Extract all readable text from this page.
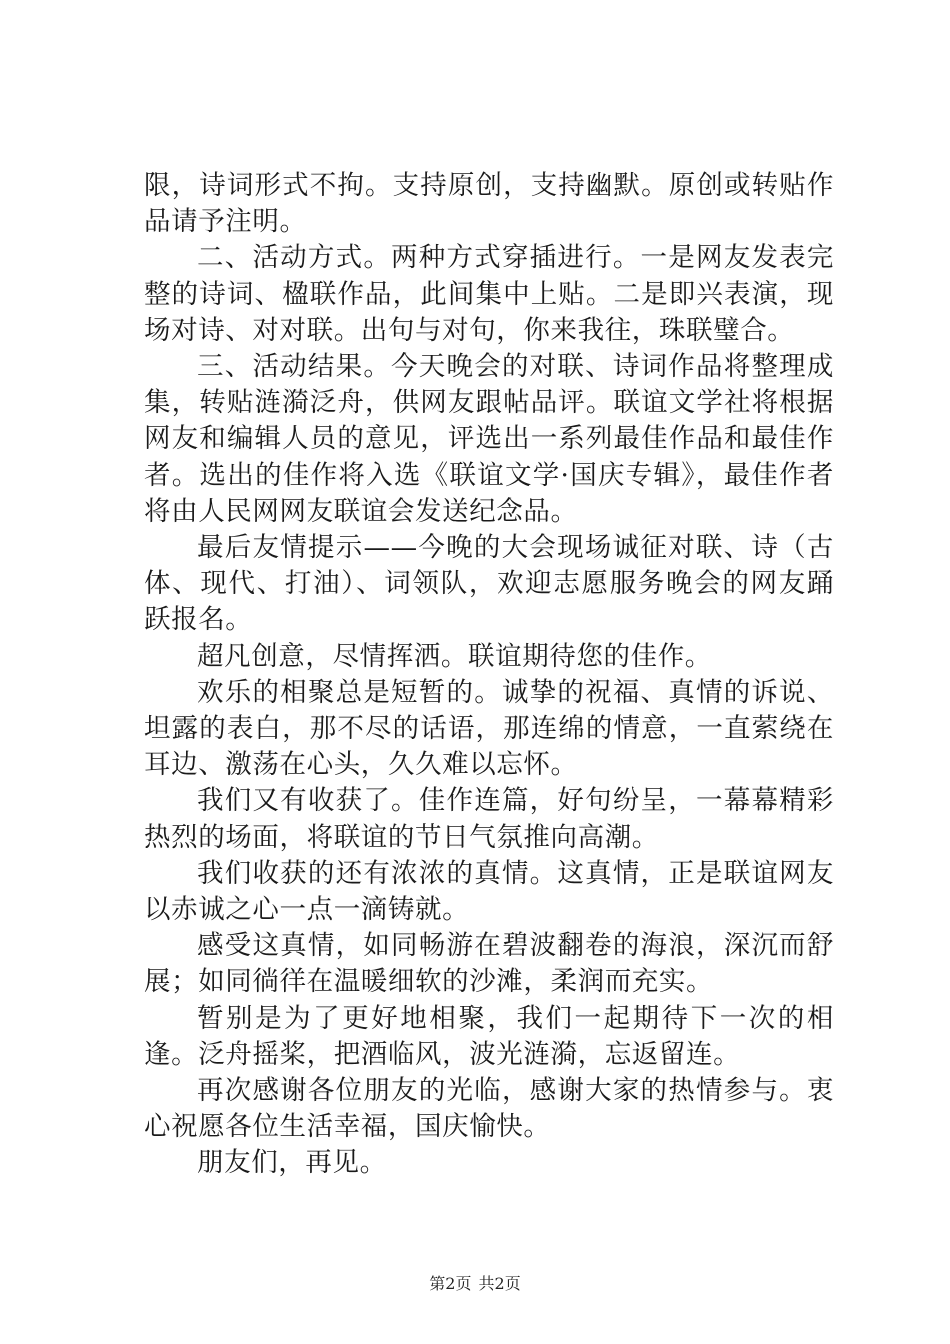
限，诗词形式不拘。支持原创，支持幽默。原创或转贴作品请予注明。

二、活动方式。两种方式穿插进行。一是网友发表完整的诗词、楹联作品，此间集中上贴。二是即兴表演，现场对诗、对对联。出句与对句，你来我往，珠联璧合。

三、活动结果。今天晚会的对联、诗词作品将整理成集，转贴涟漪泛舟，供网友跟帖品评。联谊文学社将根据网友和编辑人员的意见，评选出一系列最佳作品和最佳作者。选出的佳作将入选《联谊文学·国庆专辑》，最佳作者将由人民网网友联谊会发送纪念品。

最后友情提示——今晚的大会现场诚征对联、诗（古体、现代、打油）、词领队，欢迎志愿服务晚会的网友踊跃报名。

超凡创意，尽情挥洒。联谊期待您的佳作。

欢乐的相聚总是短暂的。诚挚的祝福、真情的诉说、坦露的表白，那不尽的话语，那连绵的情意，一直萦绕在耳边、激荡在心头，久久难以忘怀。

我们又有收获了。佳作连篇，好句纷呈，一幕幕精彩热烈的场面，将联谊的节日气氛推向高潮。

我们收获的还有浓浓的真情。这真情，正是联谊网友以赤诚之心一点一滴铸就。

感受这真情，如同畅游在碧波翻卷的海浪，深沉而舒展；如同徜徉在温暖细软的沙滩，柔润而充实。

暂别是为了更好地相聚，我们一起期待下一次的相逢。泛舟摇桨，把酒临风，波光涟漪，忘返留连。

再次感谢各位朋友的光临，感谢大家的热情参与。衷心祝愿各位生活幸福，国庆愉快。

朋友们，再见。

第2页 共2页
